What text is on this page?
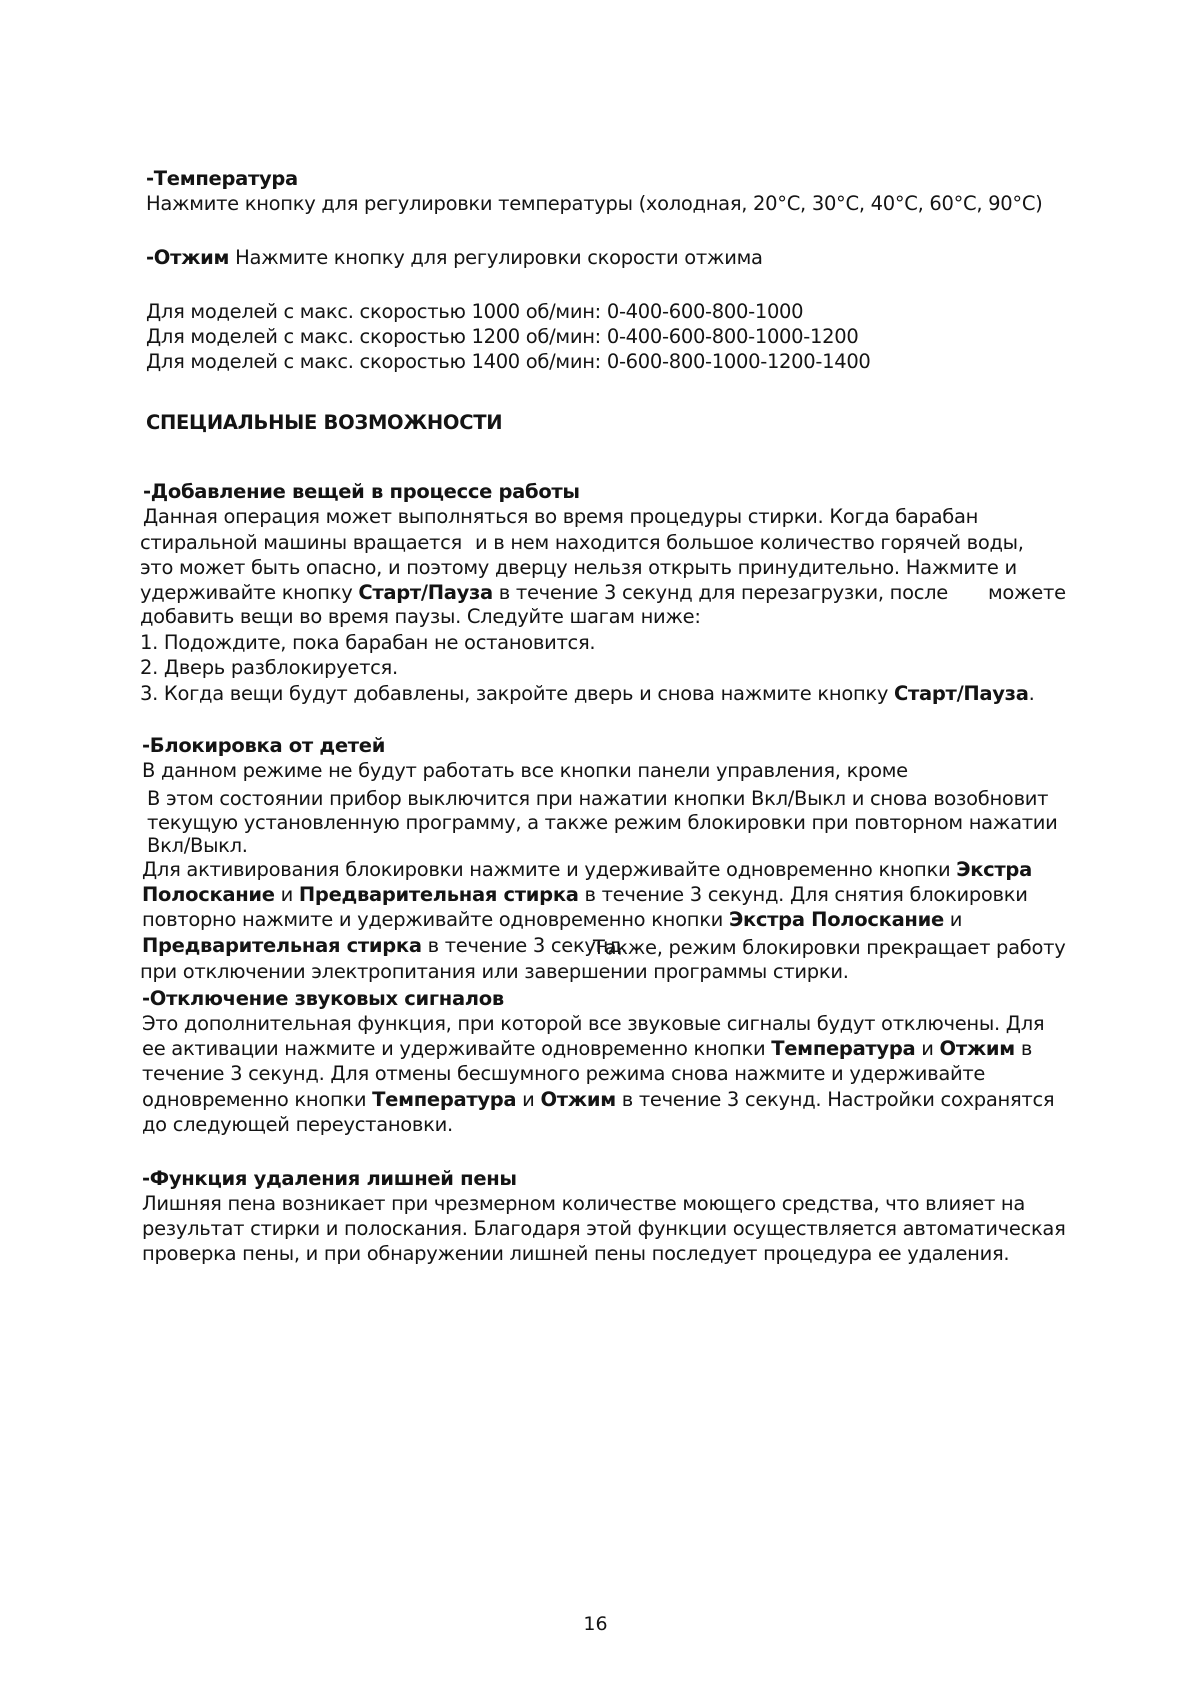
-Температура
Нажмите кнопку для регулировки температуры (холодная, 20°С, 30°С, 40°С, 60°С, 90°С)
-Отжим Нажмите кнопку для регулировки скорости отжима
Для моделей с макс. скоростью 1000 об/мин: 0-400-600-800-1000
Для моделей с макс. скоростью 1200 об/мин: 0-400-600-800-1000-1200
Для моделей с макс. скоростью 1400 об/мин: 0-600-800-1000-1200-1400
СПЕЦИАЛЬНЫЕ ВОЗМОЖНОСТИ
-Добавление вещей в процессе работы
Данная операция может выполняться во время процедуры стирки. Когда барабан
стиральной машины вращается и в нем находится большое количество горячей воды,
это может быть опасно, и поэтому дверцу нельзя открыть принудительно. Нажмите и
удерживайте кнопку Старт/Пауза в течение 3 секунд для перезагрузки, после можете
добавить вещи во время паузы. Следуйте шагам ниже:
1. Подождите, пока барабан не остановится.
2. Дверь разблокируется.
3. Когда вещи будут добавлены, закройте дверь и снова нажмите кнопку Старт/Пауза.
-Блокировка от детей
В данном режиме не будут работать все кнопки панели управления, кроме
В этом состоянии прибор выключится при нажатии кнопки Вкл/Выкл и снова возобновит
текущую установленную программу, а также режим блокировки при повторном нажатии
Вкл/Выкл.
Для активирования блокировки нажмите и удерживайте одновременно кнопки Экстра
Полоскание и Предварительная стирка в течение 3 секунд. Для снятия блокировки
повторно нажмите и удерживайте одновременно кнопки Экстра Полоскание и
Предварительная стирка в течение 3 секунд.
Также, режим блокировки прекращает работу
при отключении электропитания или завершении программы стирки.
-Отключение звуковых сигналов
Это дополнительная функция, при которой все звуковые сигналы будут отключены. Для
ее активации нажмите и удерживайте одновременно кнопки Температура и Отжим в
течение 3 секунд. Для отмены бесшумного режима снова нажмите и удерживайте
одновременно кнопки Температура и Отжим в течение 3 секунд. Настройки сохранятся
до следующей переустановки.
-Функция удаления лишней пены
Лишняя пена возникает при чрезмерном количестве моющего средства, что влияет на
результат стирки и полоскания. Благодаря этой функции осуществляется автоматическая
проверка пены, и при обнаружении лишней пены последует процедура ее удаления.
16
